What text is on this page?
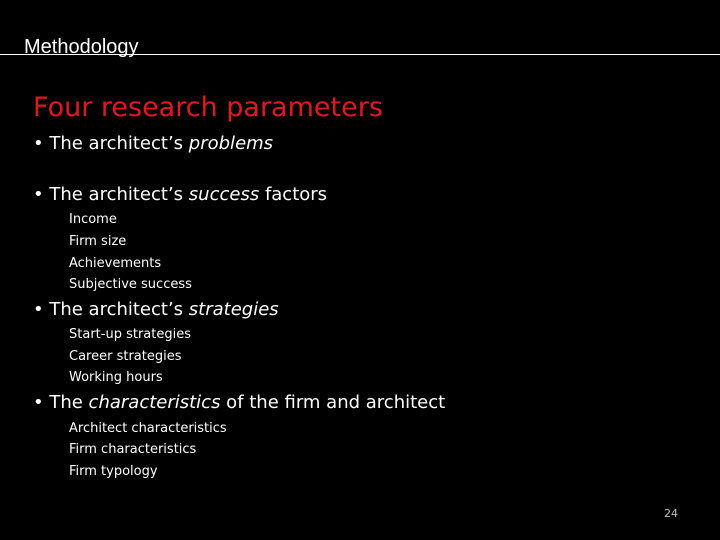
Methodology
Four research parameters
• The architect’s problems
• The architect’s success factors
Income
Firm size
Achievements
Subjective success
• The architect’s strategies
Start-up strategies
Career strategies
Working hours
• The characteristics of the firm and architect
Architect characteristics
Firm characteristics
Firm typology
24
